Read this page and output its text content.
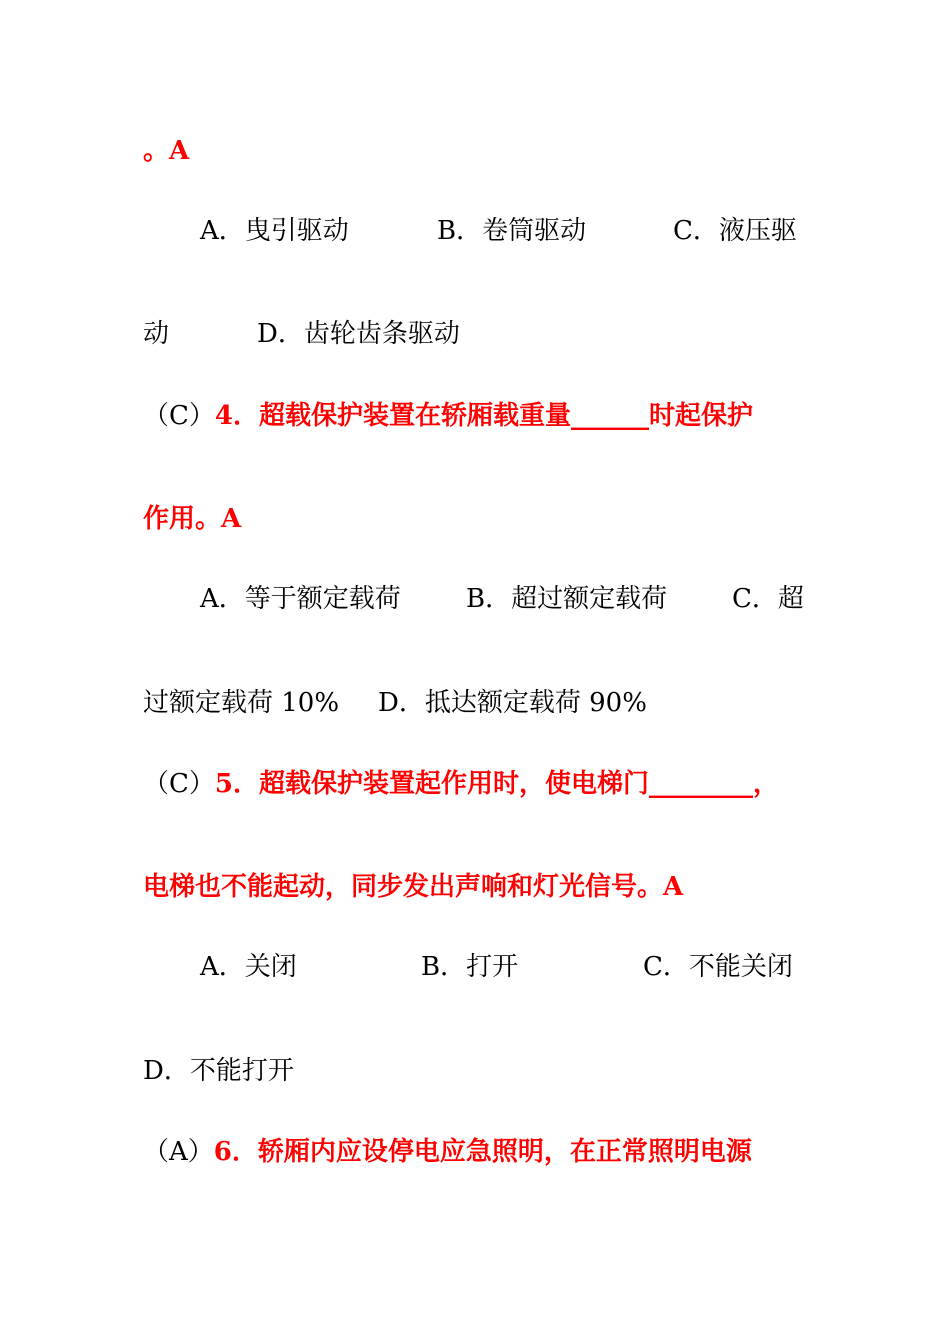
。A
A．曳引驱动	B．卷筒驱动	C．液压驱
动	D．齿轮齿条驱动
（C）4．超载保护装置在轿厢载重量______时起保护
作用。A
A．等于额定载荷	B．超过额定载荷 C．超
过额定载荷 10% D．抵达额定载荷 90%
（C）5．超载保护装置起作用时，使电梯门________，
电梯也不能起动，同步发出声响和灯光信号。A
A．关闭	B．打开	C．不能关闭
D．不能打开
（A）6．轿厢内应设停电应急照明，在正常照明电源
